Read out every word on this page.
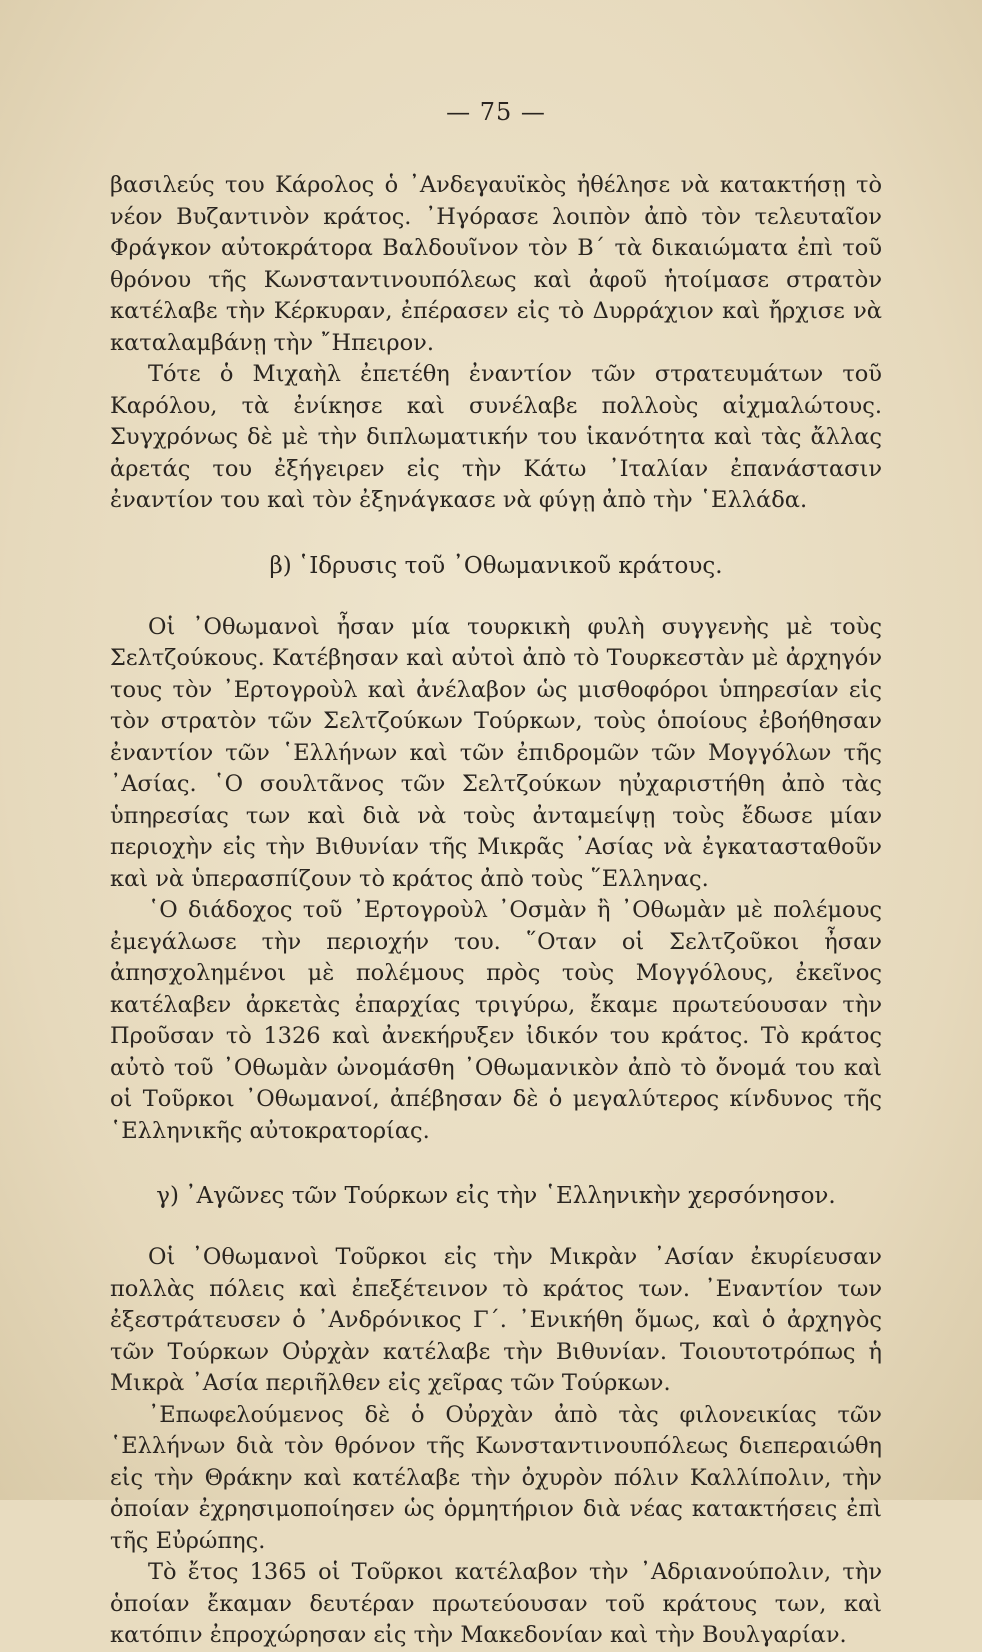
— 75 —

βασιλεύς του Κάρολος ὁ ᾿Ανδεγαυϊκὸς ἠθέλησε νὰ κατακτήσῃ τὸ νέον Βυζαντινὸν κράτος. ᾿Ηγόρασε λοιπὸν ἀπὸ τὸν τελευταῖον Φράγκον αὐτοκράτορα Βαλδουῖνον τὸν Β΄ τὰ δικαιώματα ἐπὶ τοῦ θρόνου τῆς Κωνσταντινουπόλεως καὶ ἀφοῦ ἡτοίμασε στρατὸν κατέλαβε τὴν Κέρκυραν, ἐπέρασεν εἰς τὸ Δυρράχιον καὶ ἤρχισε νὰ καταλαμβάνῃ τὴν ῎Ηπειρον.

Τότε ὁ Μιχαὴλ ἐπετέθη ἐναντίον τῶν στρατευμάτων τοῦ Καρόλου, τὰ ἐνίκησε καὶ συνέλαβε πολλοὺς αἰχμαλώτους. Συγχρόνως δὲ μὲ τὴν διπλωματικήν του ἱκανότητα καὶ τὰς ἄλλας ἀρετάς του ἐξήγειρεν εἰς τὴν Κάτω ᾿Ιταλίαν ἐπανάστασιν ἐναντίον του καὶ τὸν ἐξηνάγκασε νὰ φύγῃ ἀπὸ τὴν ῾Ελλάδα.

β) ῾Ιδρυσις τοῦ ᾿Οθωμανικοῦ κράτους.

Οἱ ᾿Οθωμανοὶ ἦσαν μία τουρκικὴ φυλὴ συγγενὴς μὲ τοὺς Σελτζούκους. Κατέβησαν καὶ αὐτοὶ ἀπὸ τὸ Τουρκεστὰν μὲ ἀρχηγόν τους τὸν ᾿Ερτογροὺλ καὶ ἀνέλαβον ὡς μισθοφόροι ὑπηρεσίαν εἰς τὸν στρατὸν τῶν Σελτζούκων Τούρκων, τοὺς ὁποίους ἐβοήθησαν ἐναντίον τῶν ῾Ελλήνων καὶ τῶν ἐπιδρομῶν τῶν Μογγόλων τῆς ᾿Ασίας. ῾Ο σουλτᾶνος τῶν Σελτζούκων ηὐχαριστήθη ἀπὸ τὰς ὑπηρεσίας των καὶ διὰ νὰ τοὺς ἀνταμείψῃ τοὺς ἔδωσε μίαν περιοχὴν εἰς τὴν Βιθυνίαν τῆς Μικρᾶς ᾿Ασίας νὰ ἐγκατασταθοῦν καὶ νὰ ὑπερασπίζουν τὸ κράτος ἀπὸ τοὺς ῞Ελληνας.

῾Ο διάδοχος τοῦ ᾿Ερτογροὺλ ᾿Οσμὰν ἢ ᾿Οθωμὰν μὲ πολέμους ἐμεγάλωσε τὴν περιοχήν του. ῞Οταν οἱ Σελτζοῦκοι ἦσαν ἀπησχολημένοι μὲ πολέμους πρὸς τοὺς Μογγόλους, ἐκεῖνος κατέλαβεν ἀρκετὰς ἐπαρχίας τριγύρω, ἔκαμε πρωτεύουσαν τὴν Προῦσαν τὸ 1326 καὶ ἀνεκήρυξεν ἰδικόν του κράτος. Τὸ κράτος αὐτὸ τοῦ ᾿Οθωμὰν ὠνομάσθη ᾿Οθωμανικὸν ἀπὸ τὸ ὄνομά του καὶ οἱ Τοῦρκοι ᾿Οθωμανοί, ἀπέβησαν δὲ ὁ μεγαλύτερος κίνδυνος τῆς ῾Ελληνικῆς αὐτοκρατορίας.

γ) ᾿Αγῶνες τῶν Τούρκων εἰς τὴν ῾Ελληνικὴν χερσόνησον.

Οἱ ᾿Οθωμανοὶ Τοῦρκοι εἰς τὴν Μικρὰν ᾿Ασίαν ἐκυρίευσαν πολλὰς πόλεις καὶ ἐπεξέτεινον τὸ κράτος των. ᾿Εναντίον των ἐξεστράτευσεν ὁ ᾿Ανδρόνικος Γ΄. ᾿Ενικήθη ὅμως, καὶ ὁ ἀρχηγὸς τῶν Τούρκων Οὐρχὰν κατέλαβε τὴν Βιθυνίαν. Τοιουτοτρόπως ἡ Μικρὰ ᾿Ασία περιῆλθεν εἰς χεῖρας τῶν Τούρκων.

᾿Επωφελούμενος δὲ ὁ Οὐρχὰν ἀπὸ τὰς φιλονεικίας τῶν ῾Ελλήνων διὰ τὸν θρόνον τῆς Κωνσταντινουπόλεως διεπεραιώθη εἰς τὴν Θράκην καὶ κατέλαβε τὴν ὀχυρὸν πόλιν Καλλίπολιν, τὴν ὁποίαν ἐχρησιμοποίησεν ὡς ὁρμητήριον διὰ νέας κατακτήσεις ἐπὶ τῆς Εὐρώπης.

Τὸ ἔτος 1365 οἱ Τοῦρκοι κατέλαβον τὴν ᾿Αδριανούπολιν, τὴν ὁποίαν ἔκαμαν δευτέραν πρωτεύουσαν τοῦ κράτους των, καὶ κατόπιν ἐπροχώρησαν εἰς τὴν Μακεδονίαν καὶ τὴν Βουλγαρίαν.
